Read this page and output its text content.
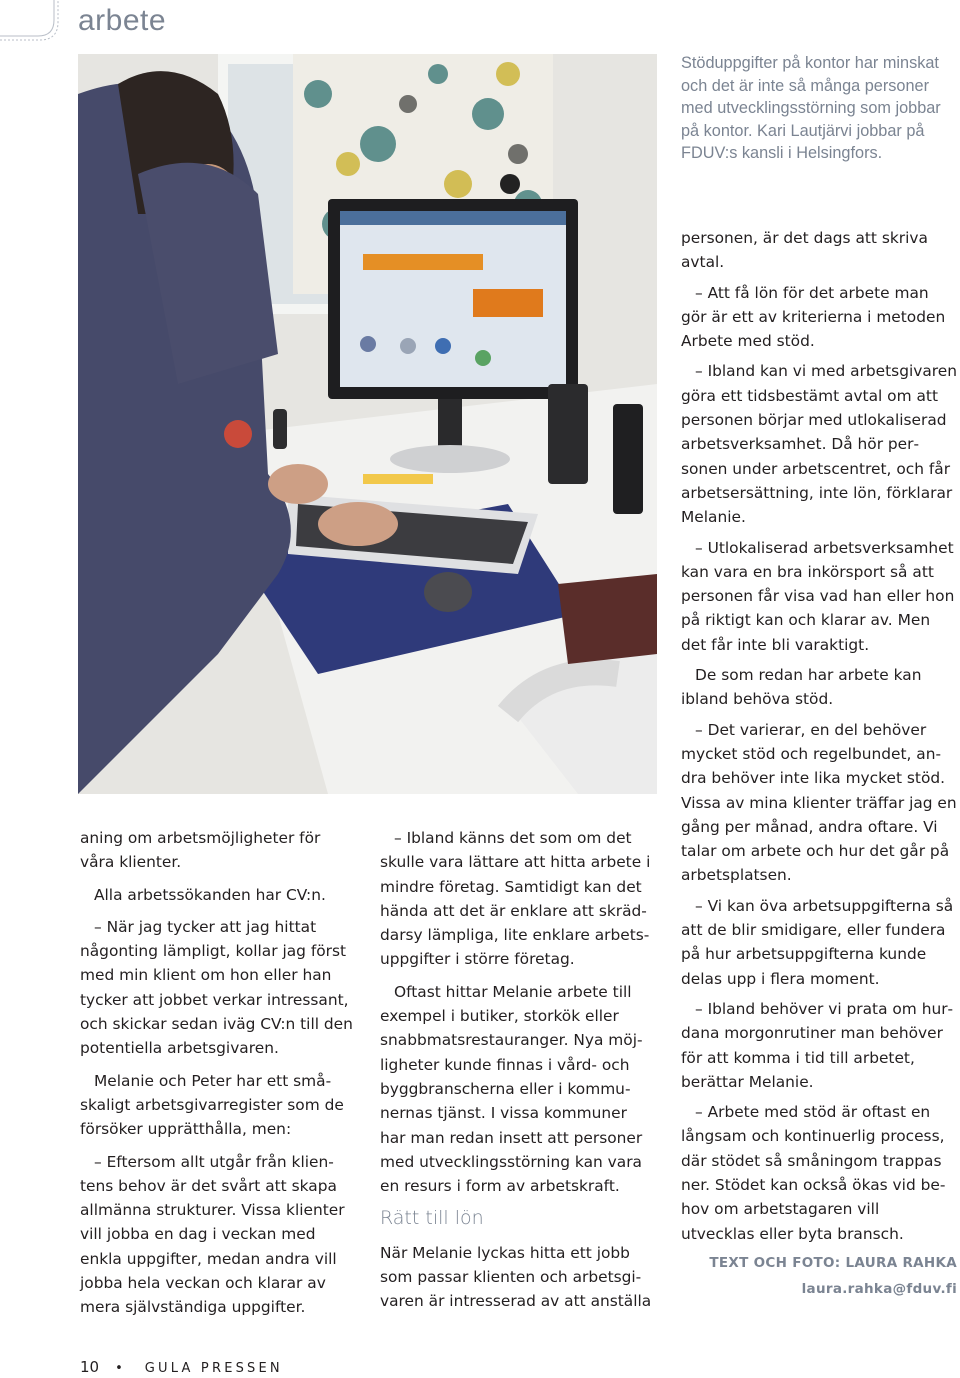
arbete

Stöduppgifter på kontor har minskat och det är inte så många personer med utvecklingsstörning som jobbar på kontor. Kari Lautjärvi jobbar på FDUV:s kansli i Helsingfors.

aning om arbetsmöjligheter för våra klienter.

Alla arbetssökanden har CV:n.

– När jag tycker att jag hittat någonting lämpligt, kollar jag först med min klient om hon eller han tycker att jobbet verkar intressant, och skickar sedan iväg CV:n till den potentiella arbetsgivaren.

Melanie och Peter har ett småskaligt arbetsgivarregister som de försöker upprätthålla, men:

– Eftersom allt utgår från klientens behov är det svårt att skapa allmänna strukturer. Vissa klienter vill jobba en dag i veckan med enkla uppgifter, medan andra vill jobba hela veckan och klarar av mera självständiga uppgifter.

– Ibland känns det som om det skulle vara lättare att hitta arbete i mindre företag. Samtidigt kan det hända att det är enklare att skräddarsy lämpliga, lite enklare arbetsuppgifter i större företag.

Oftast hittar Melanie arbete till exempel i butiker, storkök eller snabbmatsrestauranger. Nya möjligheter kunde finnas i vård- och byggbranscherna eller i kommunernas tjänst. I vissa kommuner har man redan insett att personer med utvecklingsstörning kan vara en resurs i form av arbetskraft.

Rätt till lön

När Melanie lyckas hitta ett jobb som passar klienten och arbetsgivaren är intresserad av att anställa

personen, är det dags att skriva avtal.

– Att få lön för det arbete man gör är ett av kriterierna i metoden Arbete med stöd.

– Ibland kan vi med arbetsgivaren göra ett tidsbestämt avtal om att personen börjar med utlokaliserad arbetsverksamhet. Då hör personen under arbetscentret, och får arbetsersättning, inte lön, förklarar Melanie.

– Utlokaliserad arbetsverksamhet kan vara en bra inkörsport så att personen får visa vad han eller hon på riktigt kan och klarar av. Men det får inte bli varaktigt.

De som redan har arbete kan ibland behöva stöd.

– Det varierar, en del behöver mycket stöd och regelbundet, andra behöver inte lika mycket stöd. Vissa av mina klienter träffar jag en gång per månad, andra oftare. Vi talar om arbete och hur det går på arbetsplatsen.

– Vi kan öva arbetsuppgifterna så att de blir smidigare, eller fundera på hur arbetsuppgifterna kunde delas upp i flera moment.

– Ibland behöver vi prata om hurdana morgonrutiner man behöver för att komma i tid till arbetet, berättar Melanie.

– Arbete med stöd är oftast en långsam och kontinuerlig process, där stödet så småningom trappas ner. Stödet kan också ökas vid behov om arbetstagaren vill utvecklas eller byta bransch.

TEXT OCH FOTO: LAURA RAHKA

laura.rahka@fduv.fi

10 • GULA PRESSEN
